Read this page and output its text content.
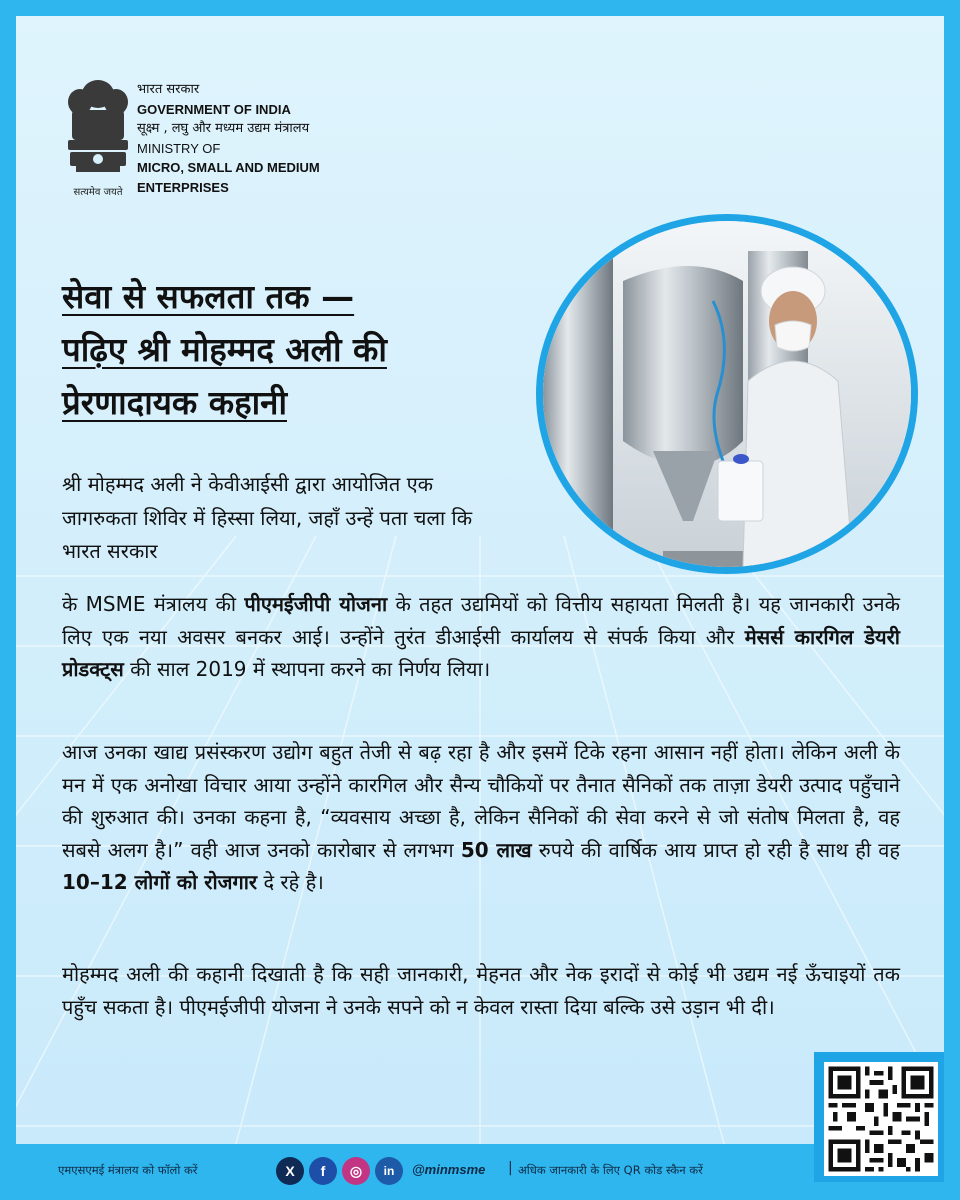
सत्यमेव जयते
भारत सरकार
GOVERNMENT OF INDIA
सूक्ष्म , लघु और मध्यम उद्यम मंत्रालय
MINISTRY OF
MICRO, SMALL AND MEDIUM
ENTERPRISES
सेवा से सफलता तक —
पढ़िए श्री मोहम्मद अली की
प्रेरणादायक कहानी
श्री मोहम्मद अली ने केवीआईसी द्वारा आयोजित एक जागरुकता शिविर में हिस्सा लिया, जहाँ उन्हें पता चला कि भारत सरकार
के MSME मंत्रालय की पीएमईजीपी योजना के तहत उद्यमियों को वित्तीय सहायता मिलती है। यह जानकारी उनके लिए एक नया अवसर बनकर आई। उन्होंने तुरंत डीआईसी कार्यालय से संपर्क किया और मेसर्स कारगिल डेयरी प्रोडक्ट्स की साल 2019 में स्थापना करने का निर्णय लिया।
आज उनका खाद्य प्रसंस्करण उद्योग बहुत तेजी से बढ़ रहा है और इसमें टिके रहना आसान नहीं होता। लेकिन अली के मन में एक अनोखा विचार आया उन्होंने कारगिल और सैन्य चौकियों पर तैनात सैनिकों तक ताज़ा डेयरी उत्पाद पहुँचाने की शुरुआत की। उनका कहना है, “व्यवसाय अच्छा है, लेकिन सैनिकों की सेवा करने से जो संतोष मिलता है, वह सबसे अलग है।” वही आज उनको कारोबार से लगभग 50 लाख रुपये की वार्षिक आय प्राप्त हो रही है साथ ही वह 10–12 लोगों को रोजगार दे रहे है।
मोहम्मद अली की कहानी दिखाती है कि सही जानकारी, मेहनत और नेक इरादों से कोई भी उद्यम नई ऊँचाइयों तक पहुँच सकता है। पीएमईजीपी योजना ने उनके सपने को न केवल रास्ता दिया बल्कि उसे उड़ान भी दी।
एमएसएमई मंत्रालय को फॉलो करें	X	f	◎	in	@minmsme | अधिक जानकारी के लिए QR कोड स्कैन करें
